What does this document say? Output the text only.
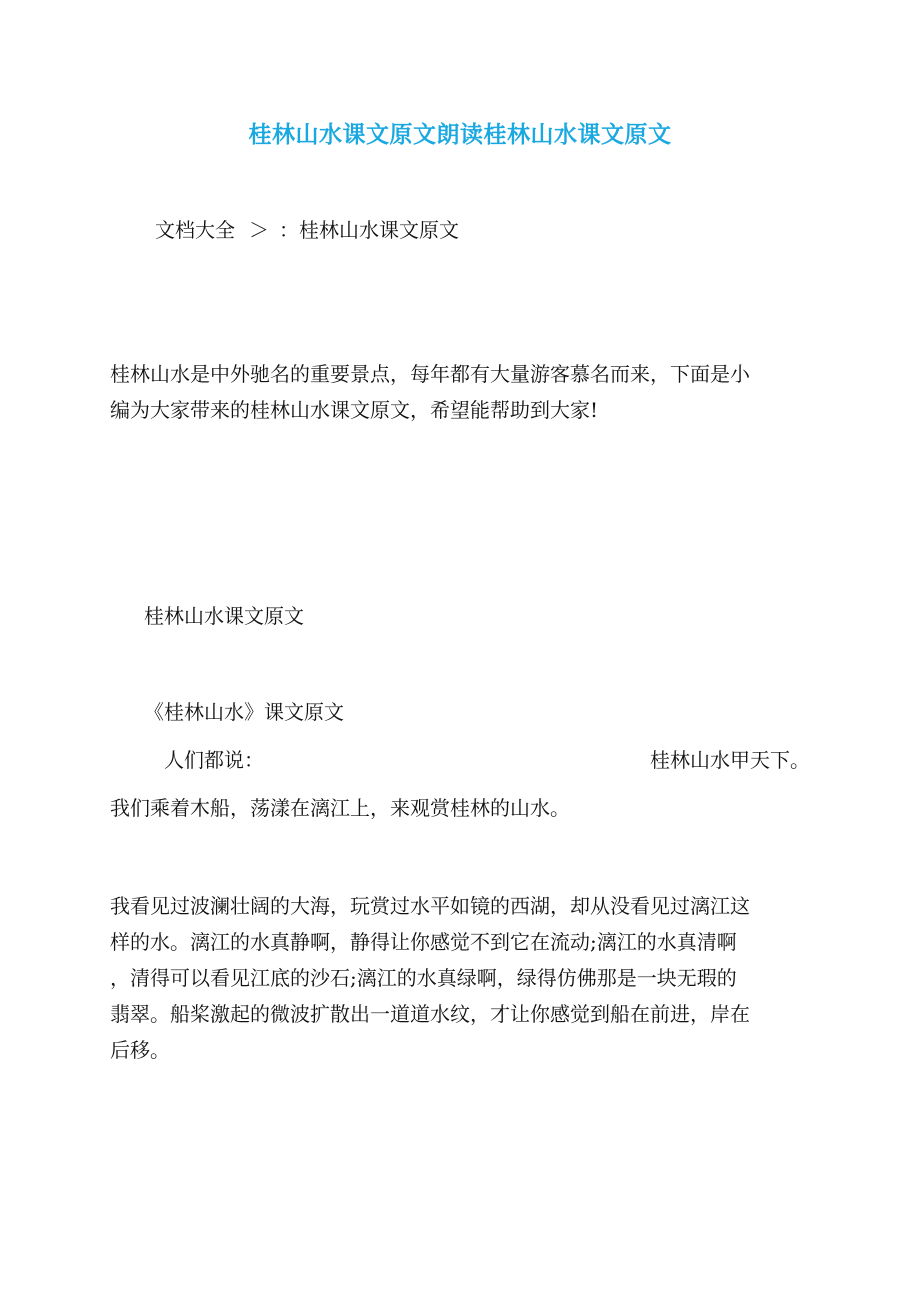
桂林山水课文原文朗读桂林山水课文原文
文档大全 ＞ ：桂林山水课文原文
桂林山水是中外驰名的重要景点，每年都有大量游客慕名而来，下面是小
编为大家带来的桂林山水课文原文，希望能帮助到大家!
桂林山水课文原文
《桂林山水》课文原文
人们都说：	桂林山水甲天下。
我们乘着木船，荡漾在漓江上，来观赏桂林的山水。
我看见过波澜壮阔的大海，玩赏过水平如镜的西湖，却从没看见过漓江这
样的水。漓江的水真静啊，静得让你感觉不到它在流动;漓江的水真清啊
，清得可以看见江底的沙石;漓江的水真绿啊，绿得仿佛那是一块无瑕的
翡翠。船桨激起的微波扩散出一道道水纹，才让你感觉到船在前进，岸在
后移。
